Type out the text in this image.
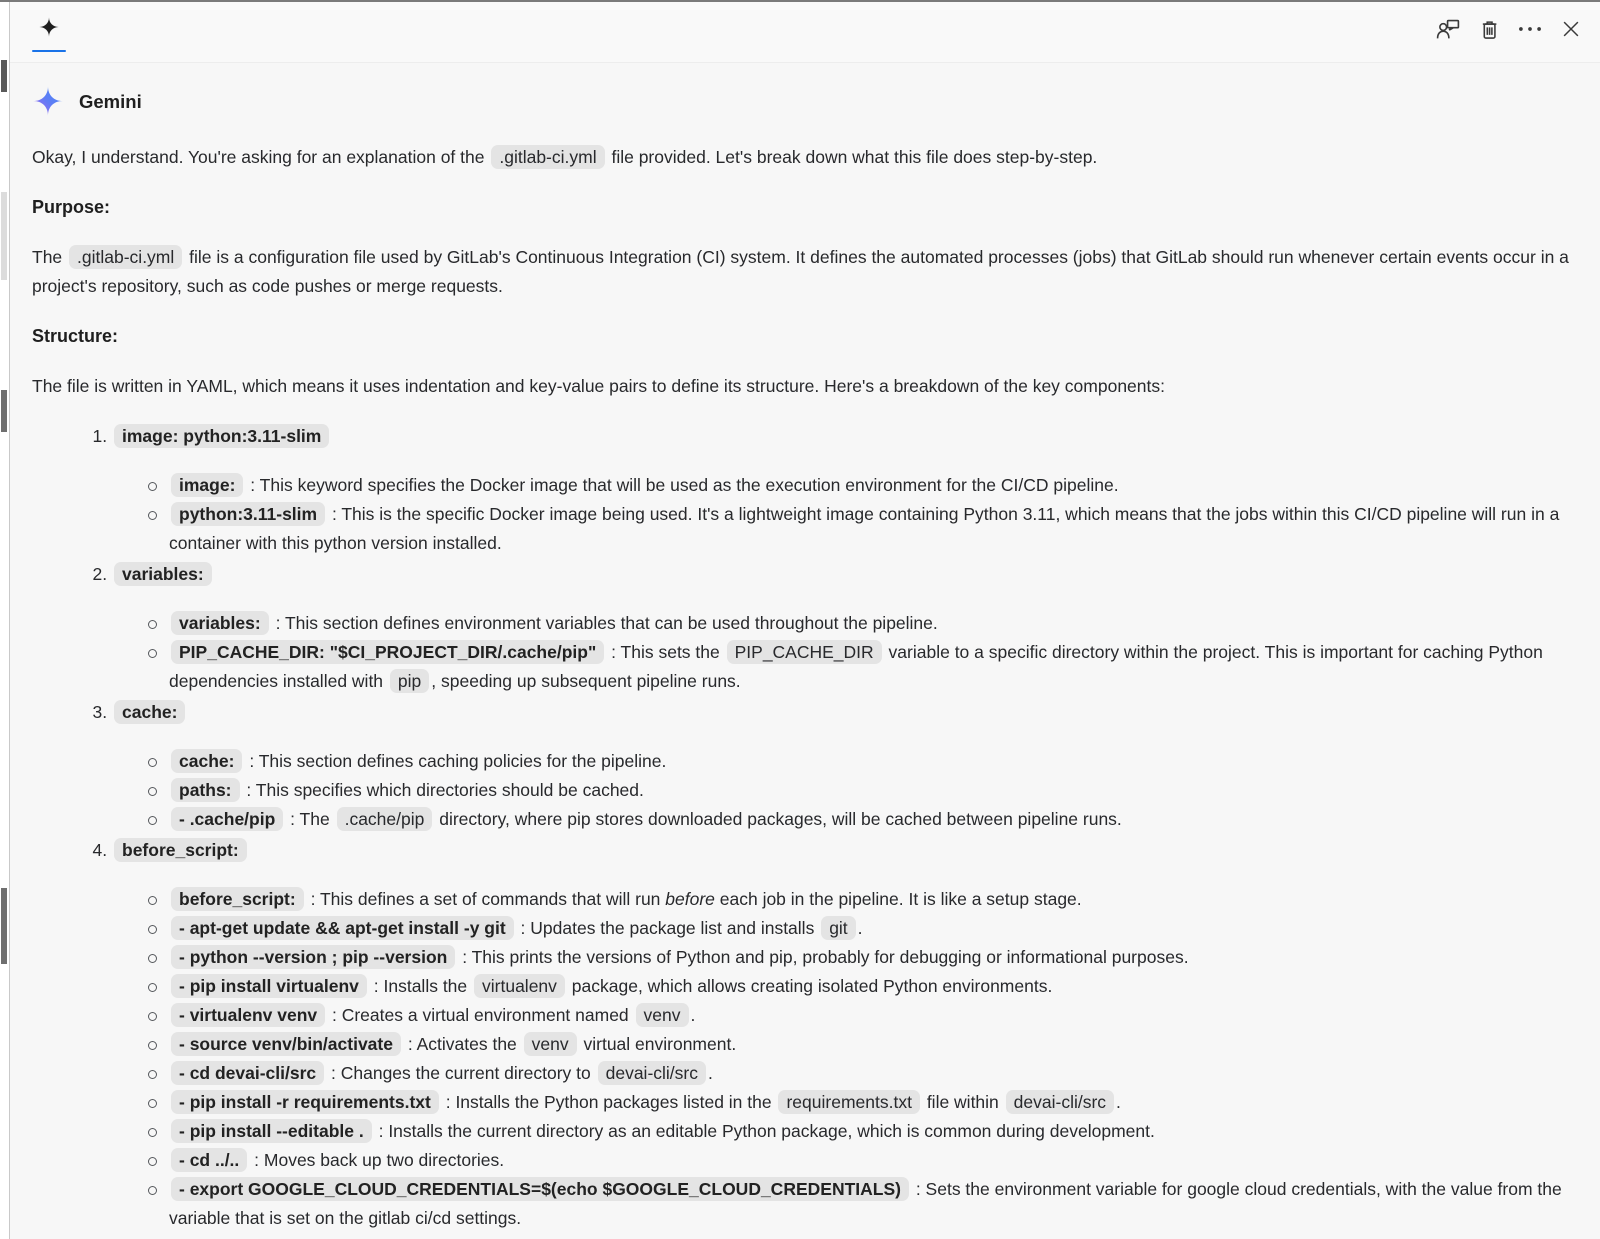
Gemini
Okay, I understand. You're asking for an explanation of the .gitlab-ci.yml file provided. Let's break down what this file does step-by-step.
Purpose:
The .gitlab-ci.yml file is a configuration file used by GitLab's Continuous Integration (CI) system. It defines the automated processes (jobs) that GitLab should run whenever certain events occur in a project's repository, such as code pushes or merge requests.
Structure:
The file is written in YAML, which means it uses indentation and key-value pairs to define its structure. Here's a breakdown of the key components:
1. image: python:3.11-slim
image: : This keyword specifies the Docker image that will be used as the execution environment for the CI/CD pipeline.
python:3.11-slim : This is the specific Docker image being used. It's a lightweight image containing Python 3.11, which means that the jobs within this CI/CD pipeline will run in a container with this python version installed.
2. variables:
variables: : This section defines environment variables that can be used throughout the pipeline.
PIP_CACHE_DIR: "$CI_PROJECT_DIR/.cache/pip" : This sets the PIP_CACHE_DIR variable to a specific directory within the project. This is important for caching Python dependencies installed with pip , speeding up subsequent pipeline runs.
3. cache:
cache: : This section defines caching policies for the pipeline.
paths: : This specifies which directories should be cached.
- .cache/pip : The .cache/pip directory, where pip stores downloaded packages, will be cached between pipeline runs.
4. before_script:
before_script: : This defines a set of commands that will run before each job in the pipeline. It is like a setup stage.
- apt-get update && apt-get install -y git : Updates the package list and installs git .
- python --version ; pip --version : This prints the versions of Python and pip, probably for debugging or informational purposes.
- pip install virtualenv : Installs the virtualenv package, which allows creating isolated Python environments.
- virtualenv venv : Creates a virtual environment named venv .
- source venv/bin/activate : Activates the venv virtual environment.
- cd devai-cli/src : Changes the current directory to devai-cli/src .
- pip install -r requirements.txt : Installs the Python packages listed in the requirements.txt file within devai-cli/src .
- pip install --editable . : Installs the current directory as an editable Python package, which is common during development.
- cd ../.. : Moves back up two directories.
- export GOOGLE_CLOUD_CREDENTIALS=$(echo $GOOGLE_CLOUD_CREDENTIALS) : Sets the environment variable for google cloud credentials, with the value from the variable that is set on the gitlab ci/cd settings.
